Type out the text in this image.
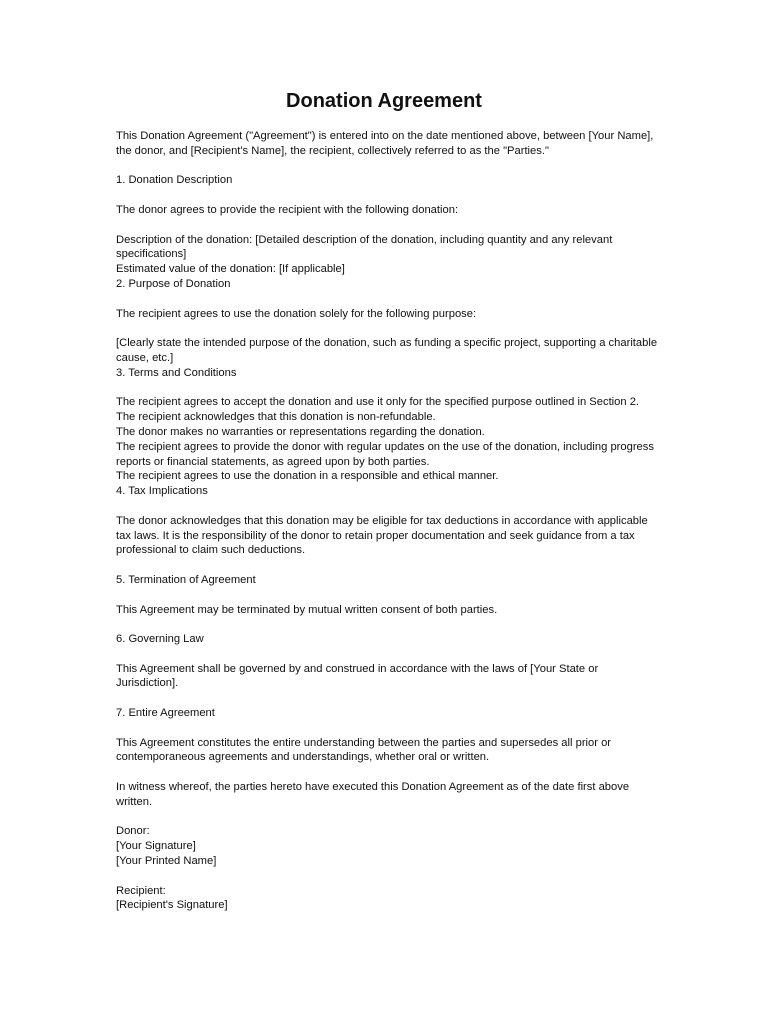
Donation Agreement

This Donation Agreement ("Agreement") is entered into on the date mentioned above, between [Your Name], the donor, and [Recipient's Name], the recipient, collectively referred to as the "Parties."

1. Donation Description

The donor agrees to provide the recipient with the following donation:

Description of the donation: [Detailed description of the donation, including quantity and any relevant specifications]

Estimated value of the donation: [If applicable]

2. Purpose of Donation

The recipient agrees to use the donation solely for the following purpose:

[Clearly state the intended purpose of the donation, such as funding a specific project, supporting a charitable cause, etc.]

3. Terms and Conditions

The recipient agrees to accept the donation and use it only for the specified purpose outlined in Section 2.

The recipient acknowledges that this donation is non-refundable.

The donor makes no warranties or representations regarding the donation.

The recipient agrees to provide the donor with regular updates on the use of the donation, including progress reports or financial statements, as agreed upon by both parties.

The recipient agrees to use the donation in a responsible and ethical manner.

4. Tax Implications

The donor acknowledges that this donation may be eligible for tax deductions in accordance with applicable tax laws. It is the responsibility of the donor to retain proper documentation and seek guidance from a tax professional to claim such deductions.

5. Termination of Agreement

This Agreement may be terminated by mutual written consent of both parties.

6. Governing Law

This Agreement shall be governed by and construed in accordance with the laws of [Your State or Jurisdiction].

7. Entire Agreement

This Agreement constitutes the entire understanding between the parties and supersedes all prior or contemporaneous agreements and understandings, whether oral or written.

In witness whereof, the parties hereto have executed this Donation Agreement as of the date first above written.

Donor:

[Your Signature]

[Your Printed Name]

Recipient:

[Recipient's Signature]
